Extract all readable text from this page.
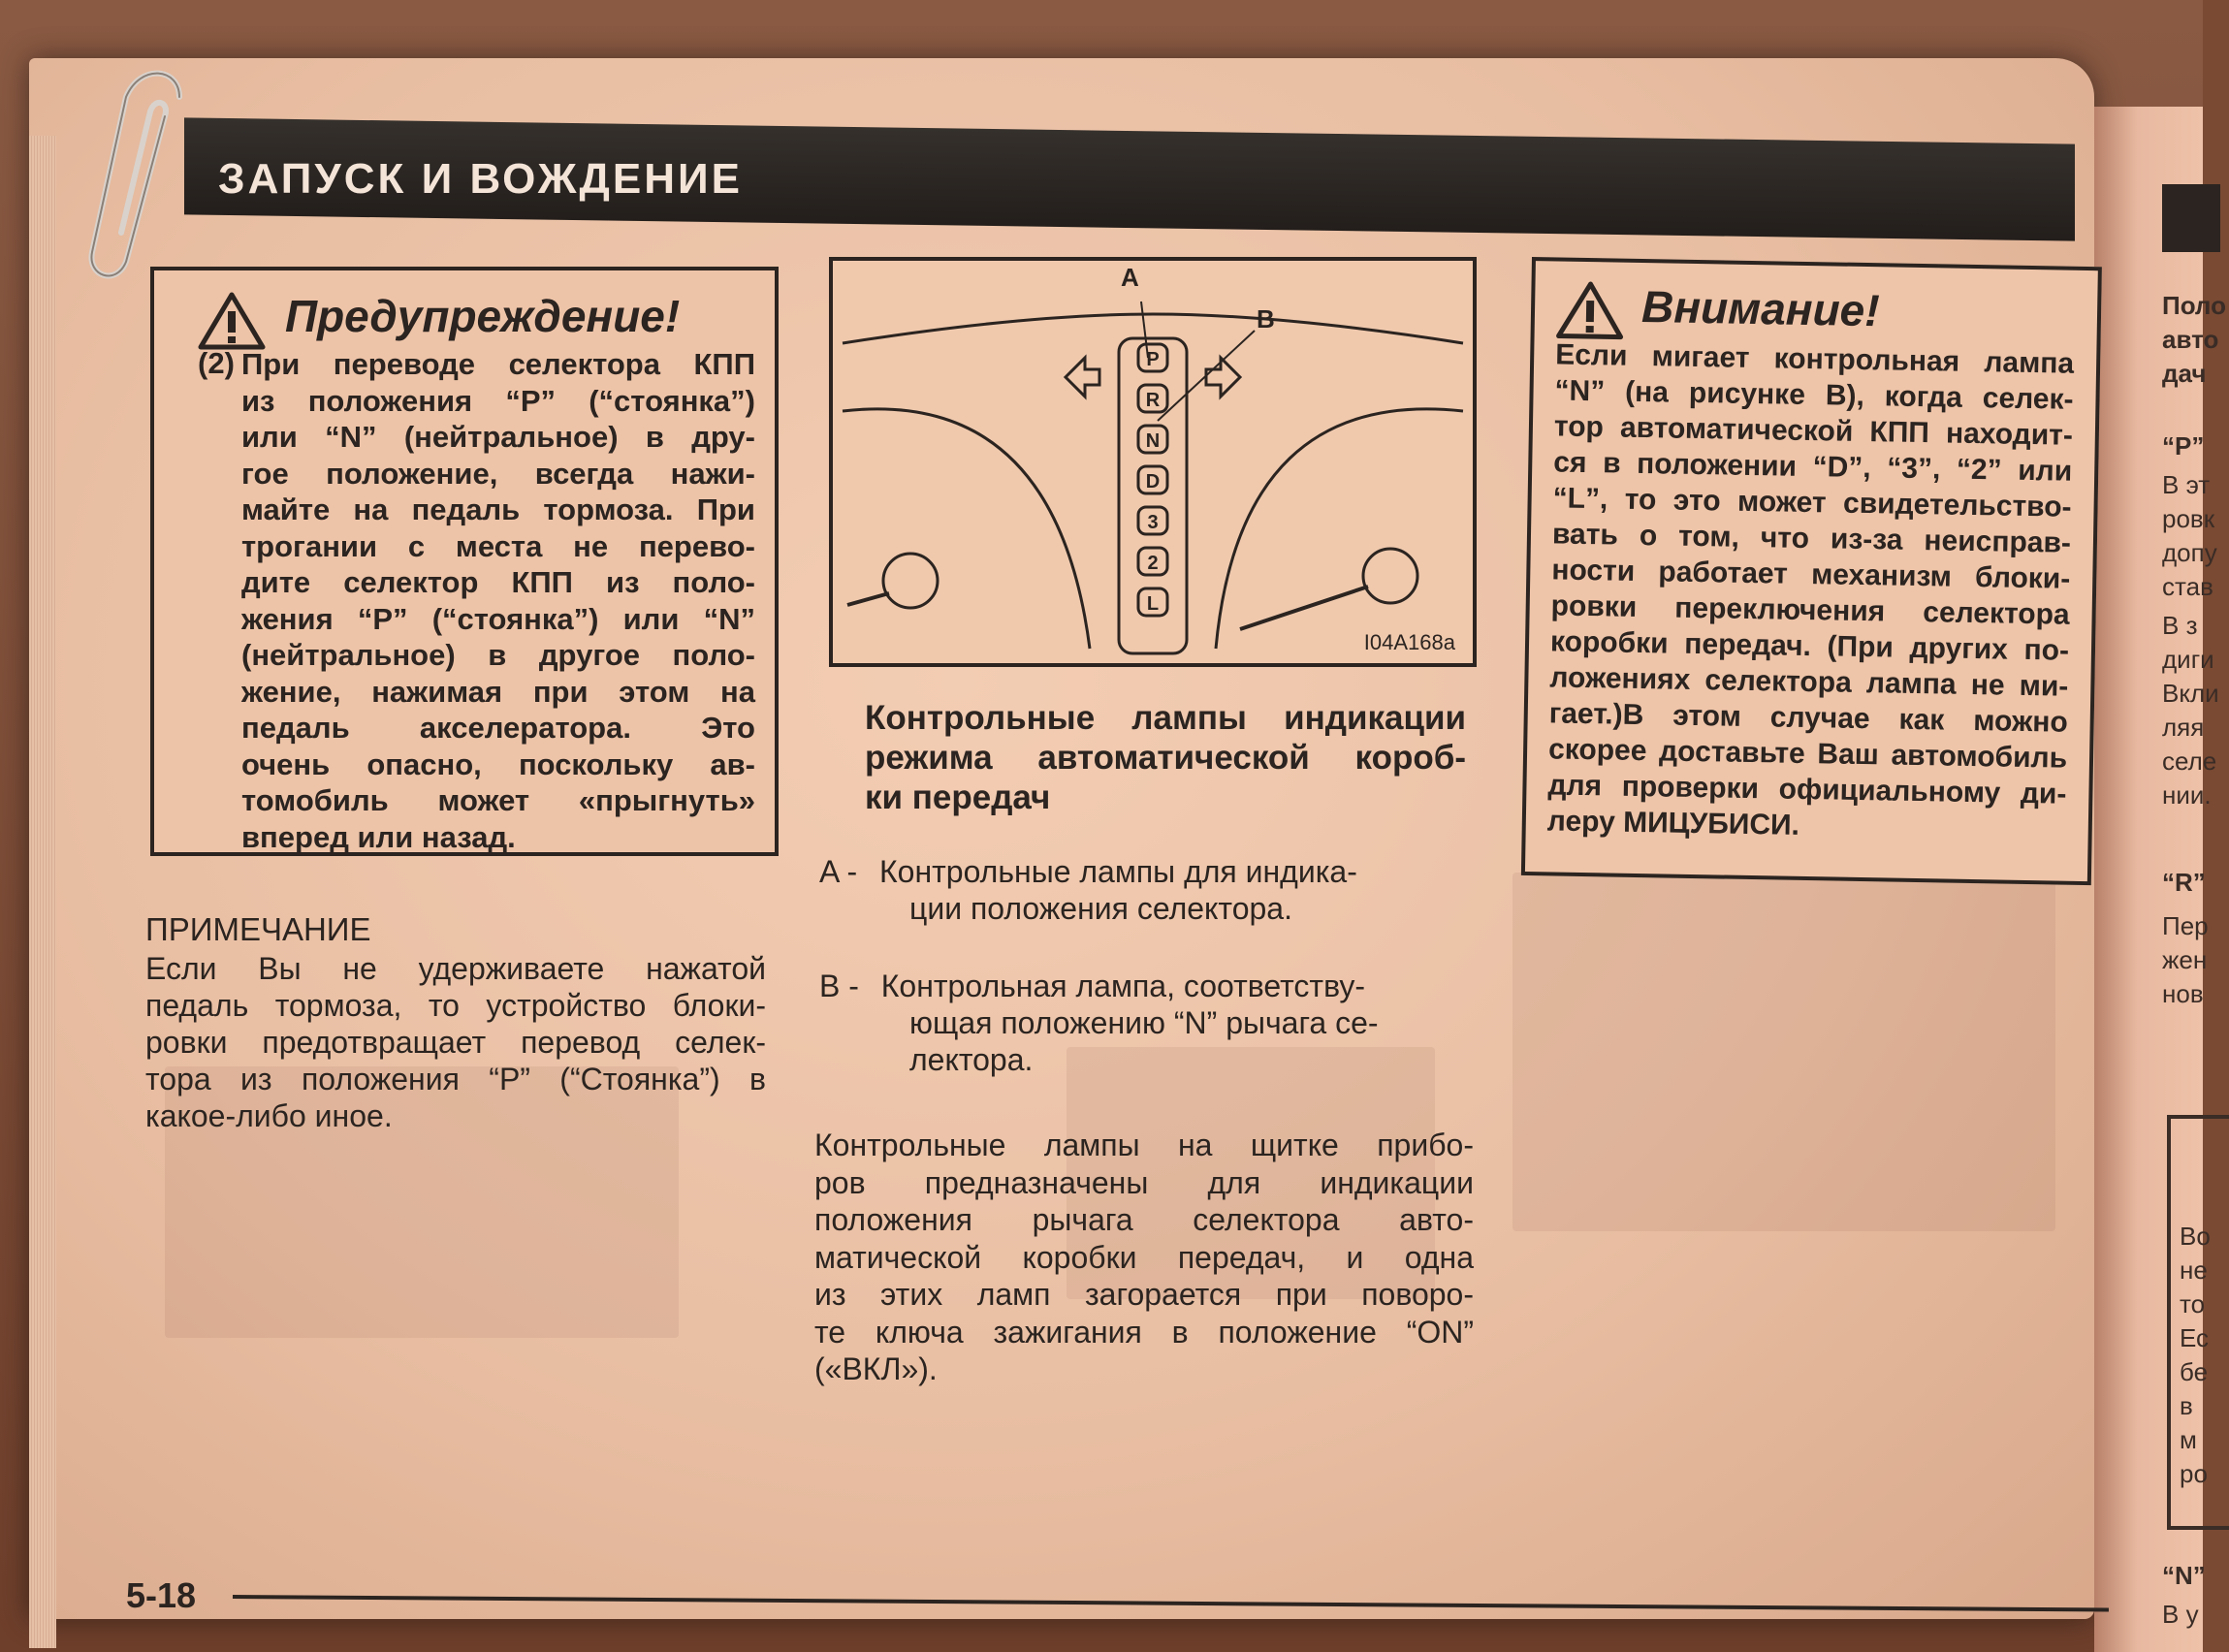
Поло
авто
дач
“P”
В эт
ровк
допу
став
В з
диги
Вкли
ляя
селе
нии.
“R”
Пер
жен
нов
Во
не
то
Ес
бе
в
м
ро
“N”
В у
ЗАПУСК И ВОЖДЕНИЕ
Предупреждение!
(2) При переводе селектора КПП
из положения “P” (“стоянка”)
или “N” (нейтральное) в дру-
гое положение, всегда нажи-
майте на педаль тормоза. При
трогании с места не перево-
дите селектор КПП из поло-
жения “P” (“стоянка”) или “N”
(нейтральное) в другое поло-
жение, нажимая при этом на
педаль акселератора. Это
очень опасно, поскольку ав-
томобиль может «прыгнуть»
вперед или назад.
ПРИМЕЧАНИЕ
Если Вы не удерживаете нажатой
педаль тормоза, то устройство блоки-
ровки предотвращает перевод селек-
тора из положения “P” (“Стоянка”) в
какое-либо иное.
P
R
N
D
3
2
L
A
B
I04A168a
Контрольные лампы индикации
режима автоматической короб-
ки передач
A - Контрольные лампы для индика-
ции положения селектора.
B - Контрольная лампа, соответству-
ющая положению “N” рычага се-
лектора.
Контрольные лампы на щитке прибо-
ров предназначены для индикации
положения рычага селектора авто-
матической коробки передач, и одна
из этих ламп загорается при поворо-
те ключа зажигания в положение “ON”
(«ВКЛ»).
Внимание!
Если мигает контрольная лампа
“N” (на рисунке B), когда селек-
тор автоматической КПП находит-
ся в положении “D”, “3”, “2” или
“L”, то это может свидетельство-
вать о том, что из-за неисправ-
ности работает механизм блоки-
ровки переключения селектора
коробки передач. (При других по-
ложениях селектора лампа не ми-
гает.)В этом случае как можно
скорее доставьте Ваш автомобиль
для проверки официальному ди-
леру МИЦУБИСИ.
5-18
